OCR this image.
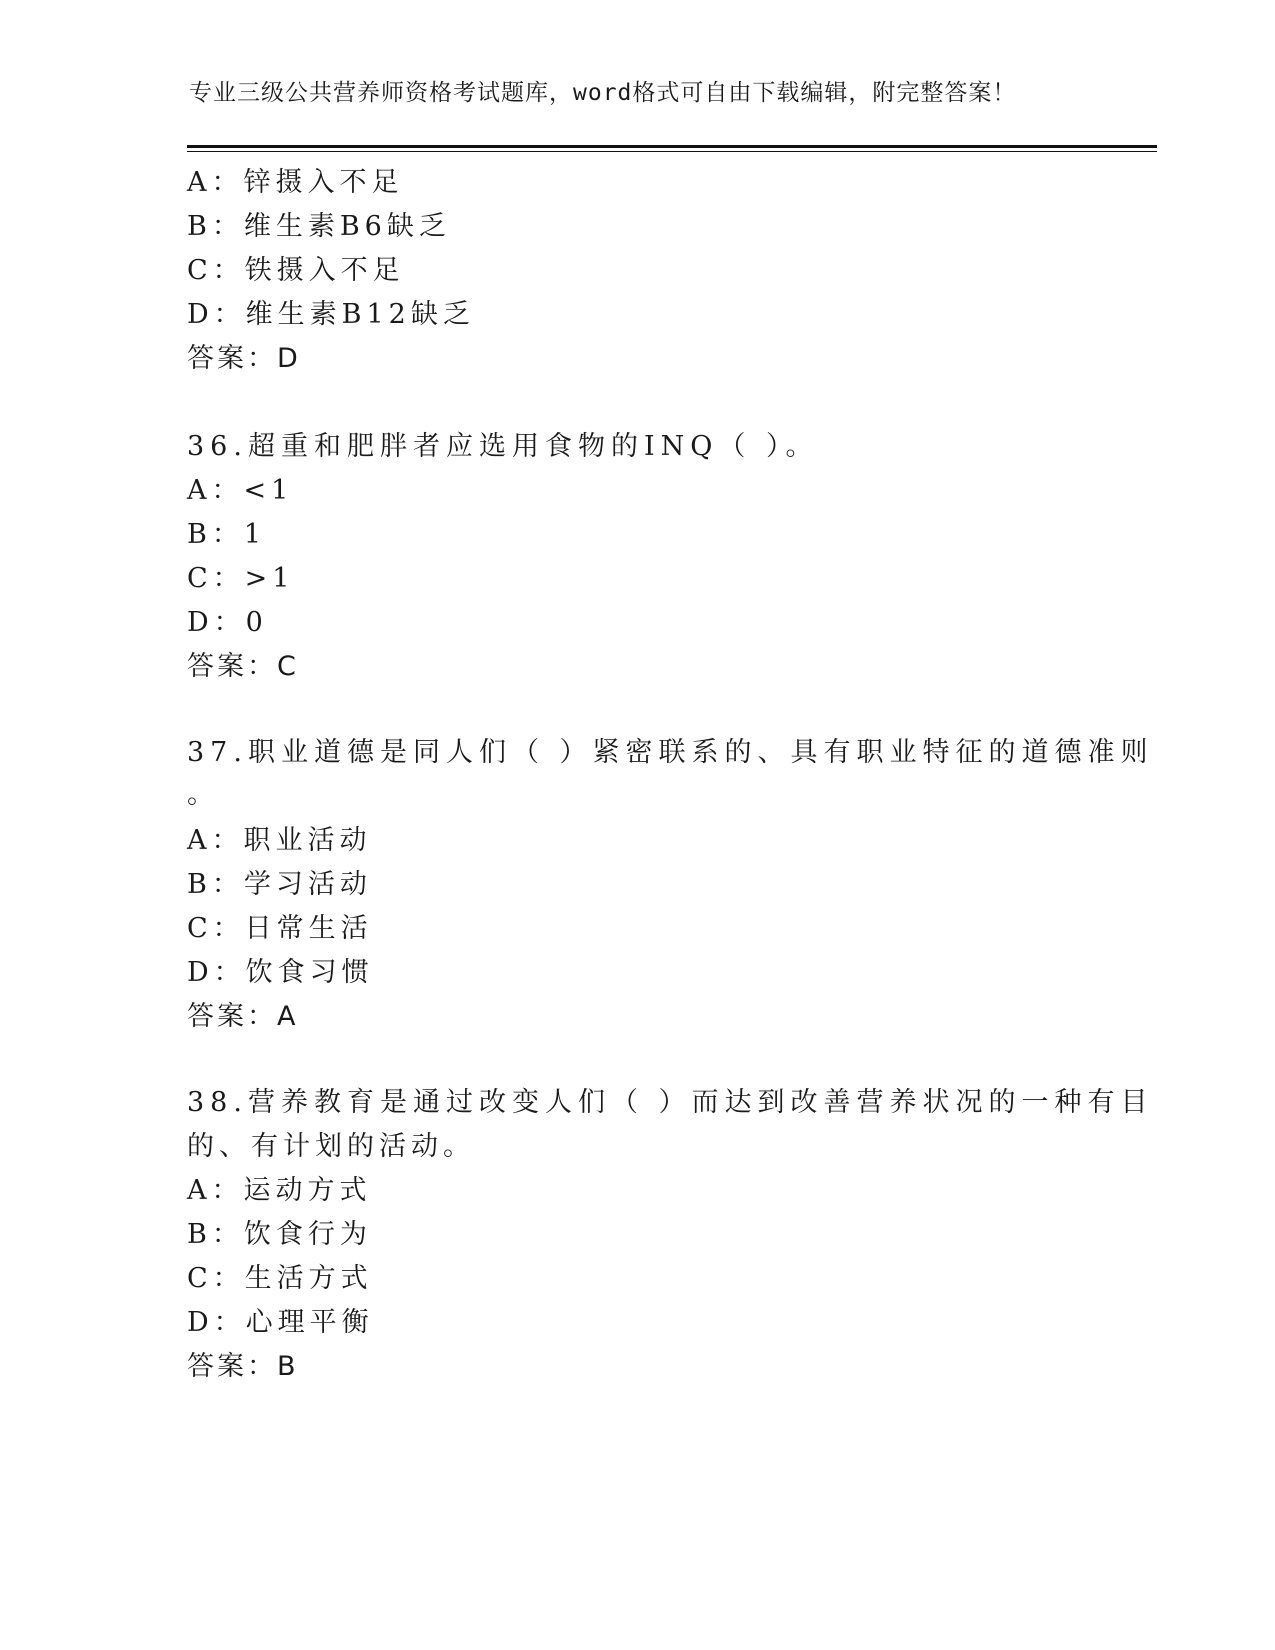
专业三级公共营养师资格考试题库，word格式可自由下载编辑，附完整答案！
A：锌摄入不足
B：维生素B6缺乏
C：铁摄入不足
D：维生素B12缺乏
答案：D
36.超重和肥胖者应选用食物的INQ（ ）。
A：<1
B：1
C：>1
D：0
答案：C
37.职业道德是同人们（ ）紧密联系的、具有职业特征的道德准则
。
A：职业活动
B：学习活动
C：日常生活
D：饮食习惯
答案：A
38.营养教育是通过改变人们（ ）而达到改善营养状况的一种有目
的、有计划的活动。
A：运动方式
B：饮食行为
C：生活方式
D：心理平衡
答案：B
